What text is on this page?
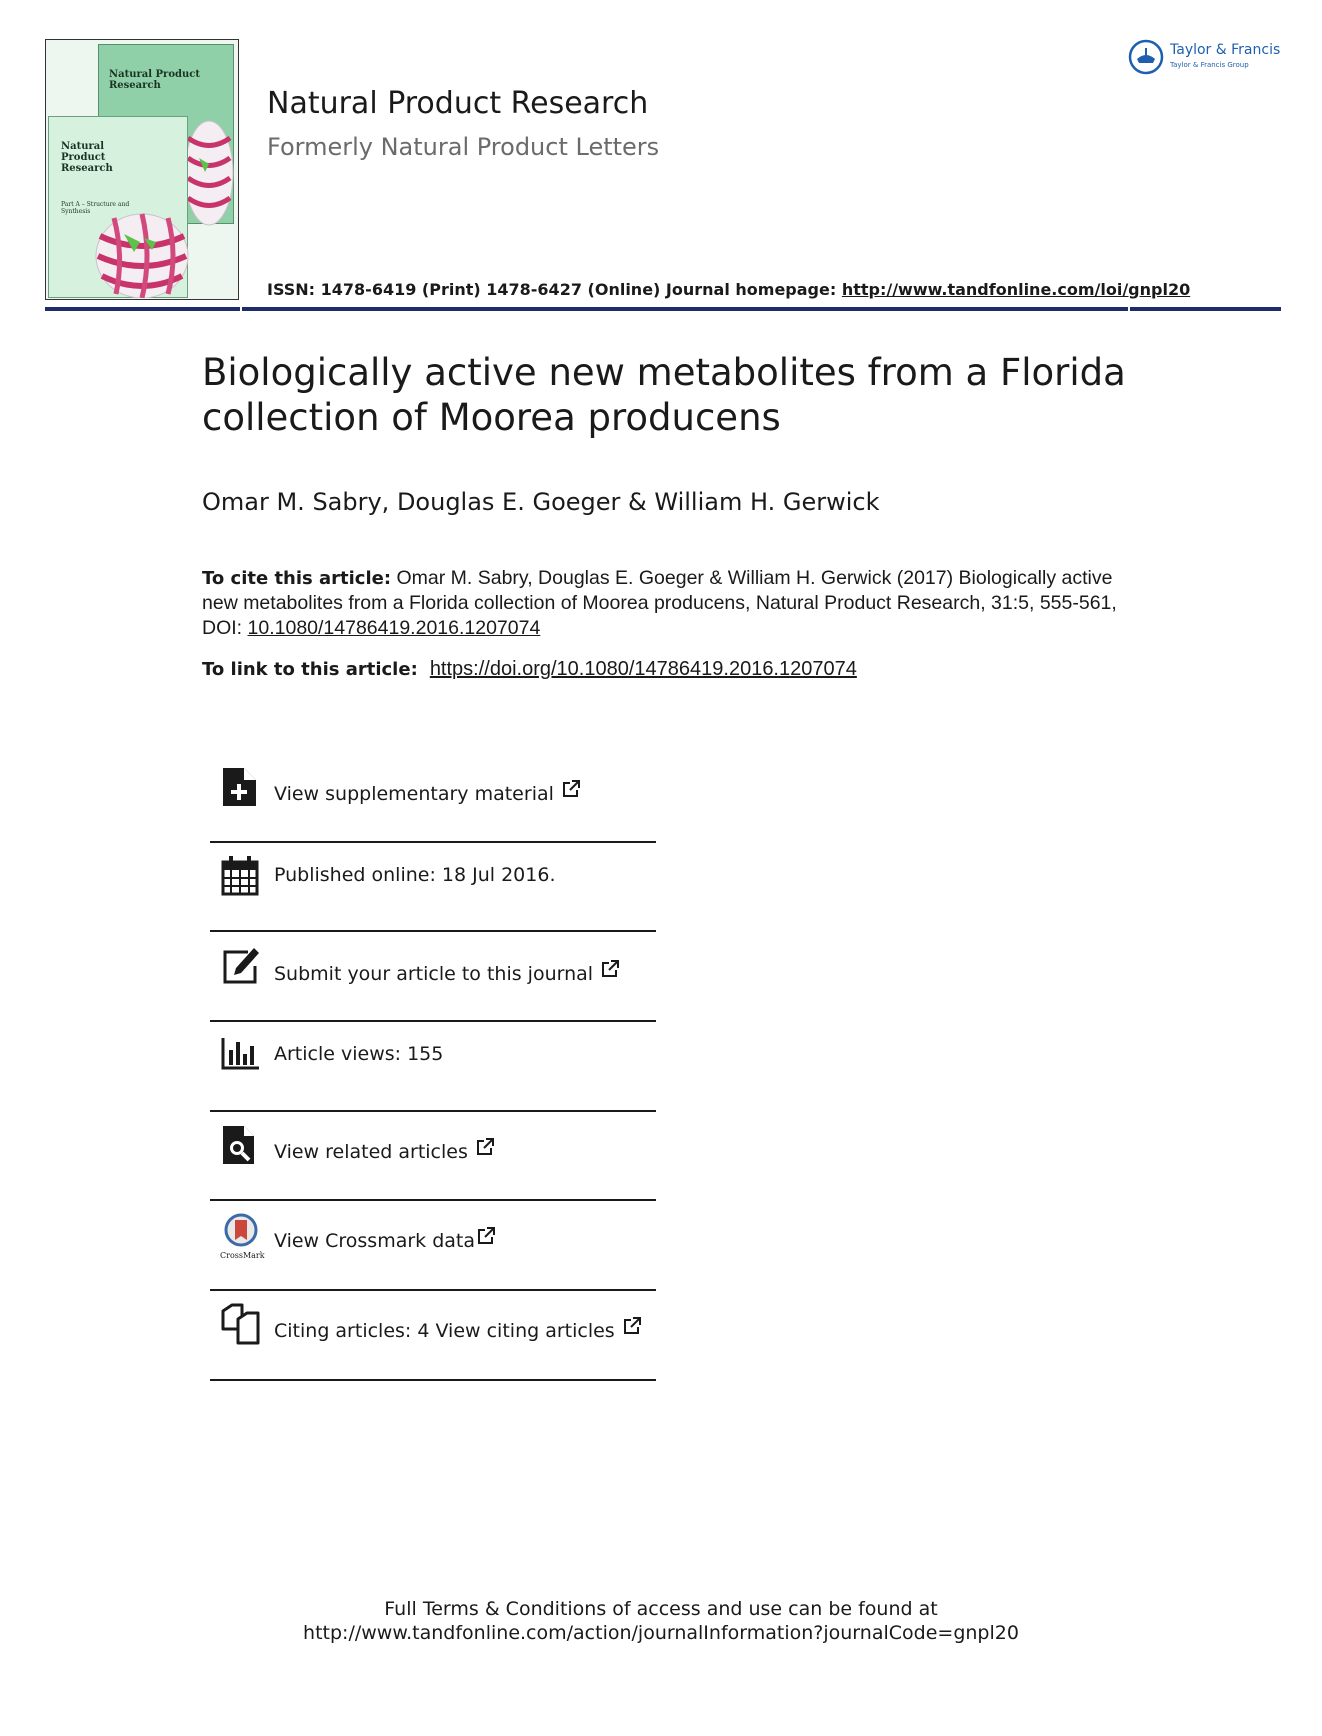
Natural Product Research
Natural Product Research
Part A – Structure and Synthesis
Natural Product Research
Formerly Natural Product Letters
ISSN: 1478-6419 (Print) 1478-6427 (Online) Journal homepage: http://www.tandfonline.com/loi/gnpl20
Taylor & Francis
Taylor & Francis Group
Biologically active new metabolites from a Florida collection of Moorea producens
Omar M. Sabry, Douglas E. Goeger & William H. Gerwick
To cite this article: Omar M. Sabry, Douglas E. Goeger & William H. Gerwick (2017) Biologically active new metabolites from a Florida collection of Moorea producens, Natural Product Research, 31:5, 555-561, DOI: 10.1080/14786419.2016.1207074
To link to this article: https://doi.org/10.1080/14786419.2016.1207074
View supplementary material
Published online: 18 Jul 2016.
Submit your article to this journal
Article views: 155
View related articles
CrossMark
View Crossmark data
Citing articles: 4 View citing articles
Full Terms & Conditions of access and use can be found at
http://www.tandfonline.com/action/journalInformation?journalCode=gnpl20
